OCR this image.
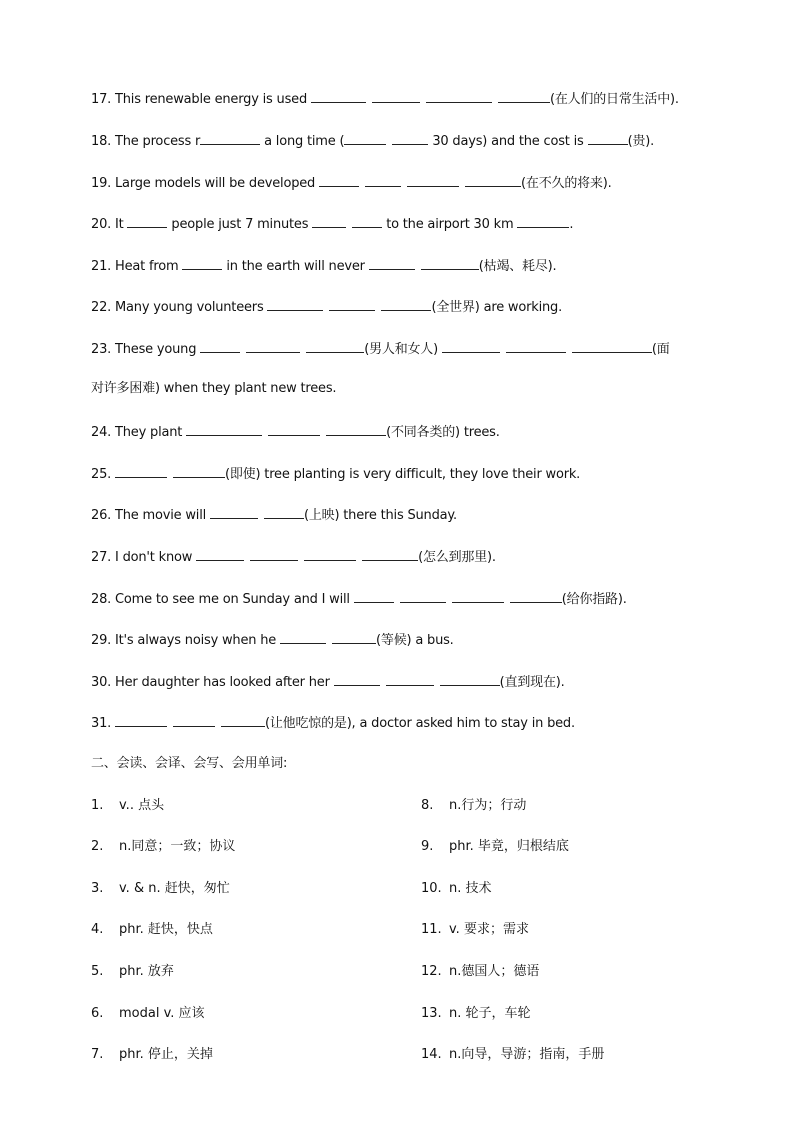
17. This renewable energy is used	(在人们的日常生活中).
18. The process r	a long time (	30 days) and the cost is	(贵).
19. Large models will be developed	(在不久的将来).
20. It	people just 7 minutes	to the airport 30 km	.
21. Heat from	in the earth will never	(枯竭、耗尽).
22. Many young volunteers	(全世界) are working.
23. These young	(男人和女人)	(面
对许多困难) when they plant new trees.
24. They plant	(不同各类的) trees.
25.	(即使) tree planting is very difficult, they love their work.
26. The movie will	(上映) there this Sunday.
27. I don't know	(怎么到那里).
28. Come to see me on Sunday and I will	(给你指路).
29. It's always noisy when he	(等候) a bus.
30. Her daughter has looked after her	(直到现在).
31.	(让他吃惊的是), a doctor asked him to stay in bed.
二、会读、会译、会写、会用单词:
1. v.. 点头
2. n.同意；一致；协议
3. v. & n. 赶快，匆忙
4. phr. 赶快，快点
5. phr. 放弃
6. modal v. 应该
7. phr. 停止，关掉
8. n.行为；行动
9. phr. 毕竟，归根结底
10. n. 技术
11. v. 要求；需求
12. n.德国人；德语
13. n. 轮子，车轮
14. n.向导，导游；指南，手册
